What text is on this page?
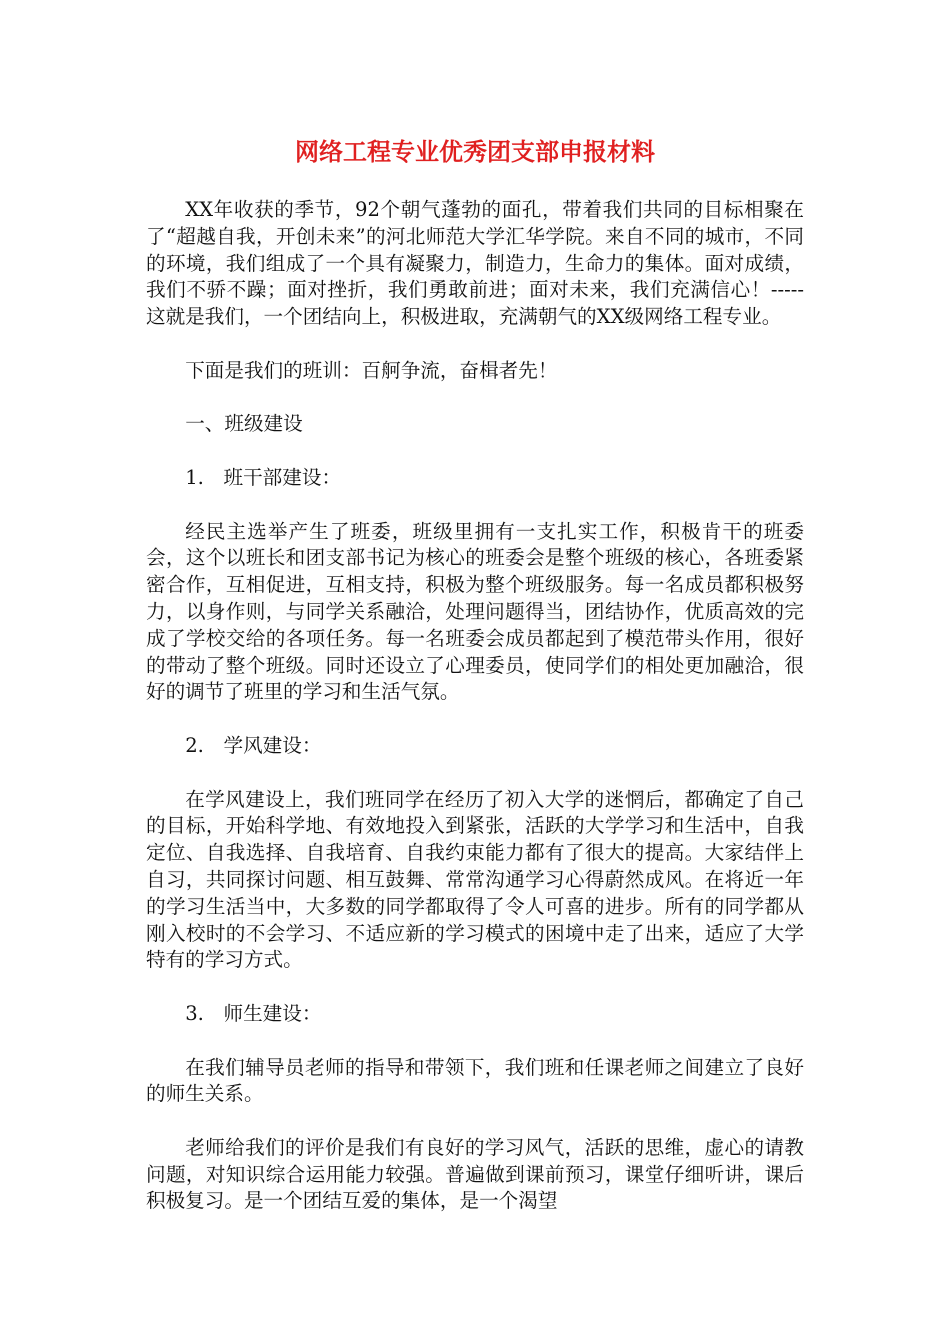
网络工程专业优秀团支部申报材料

XX年收获的季节，92个朝气蓬勃的面孔，带着我们共同的目标相聚在了“超越自我，开创未来”的河北师范大学汇华学院。来自不同的城市，不同的环境，我们组成了一个具有凝聚力，制造力，生命力的集体。面对成绩，我们不骄不躁；面对挫折，我们勇敢前进；面对未来，我们充满信心！-----这就是我们，一个团结向上，积极进取，充满朝气的XX级网络工程专业。

下面是我们的班训：百舸争流，奋楫者先！

一、班级建设

1.　班干部建设：

经民主选举产生了班委，班级里拥有一支扎实工作，积极肯干的班委会，这个以班长和团支部书记为核心的班委会是整个班级的核心，各班委紧密合作，互相促进，互相支持，积极为整个班级服务。每一名成员都积极努力，以身作则，与同学关系融洽，处理问题得当，团结协作，优质高效的完成了学校交给的各项任务。每一名班委会成员都起到了模范带头作用，很好的带动了整个班级。同时还设立了心理委员，使同学们的相处更加融洽，很好的调节了班里的学习和生活气氛。

2.　学风建设：

在学风建设上，我们班同学在经历了初入大学的迷惘后，都确定了自己的目标，开始科学地、有效地投入到紧张，活跃的大学学习和生活中，自我定位、自我选择、自我培育、自我约束能力都有了很大的提高。大家结伴上自习，共同探讨问题、相互鼓舞、常常沟通学习心得蔚然成风。在将近一年的学习生活当中，大多数的同学都取得了令人可喜的进步。所有的同学都从刚入校时的不会学习、不适应新的学习模式的困境中走了出来，适应了大学特有的学习方式。

3.　师生建设：

在我们辅导员老师的指导和带领下，我们班和任课老师之间建立了良好的师生关系。

老师给我们的评价是我们有良好的学习风气，活跃的思维，虚心的请教问题，对知识综合运用能力较强。普遍做到课前预习，课堂仔细听讲，课后积极复习。是一个团结互爱的集体，是一个渴望
